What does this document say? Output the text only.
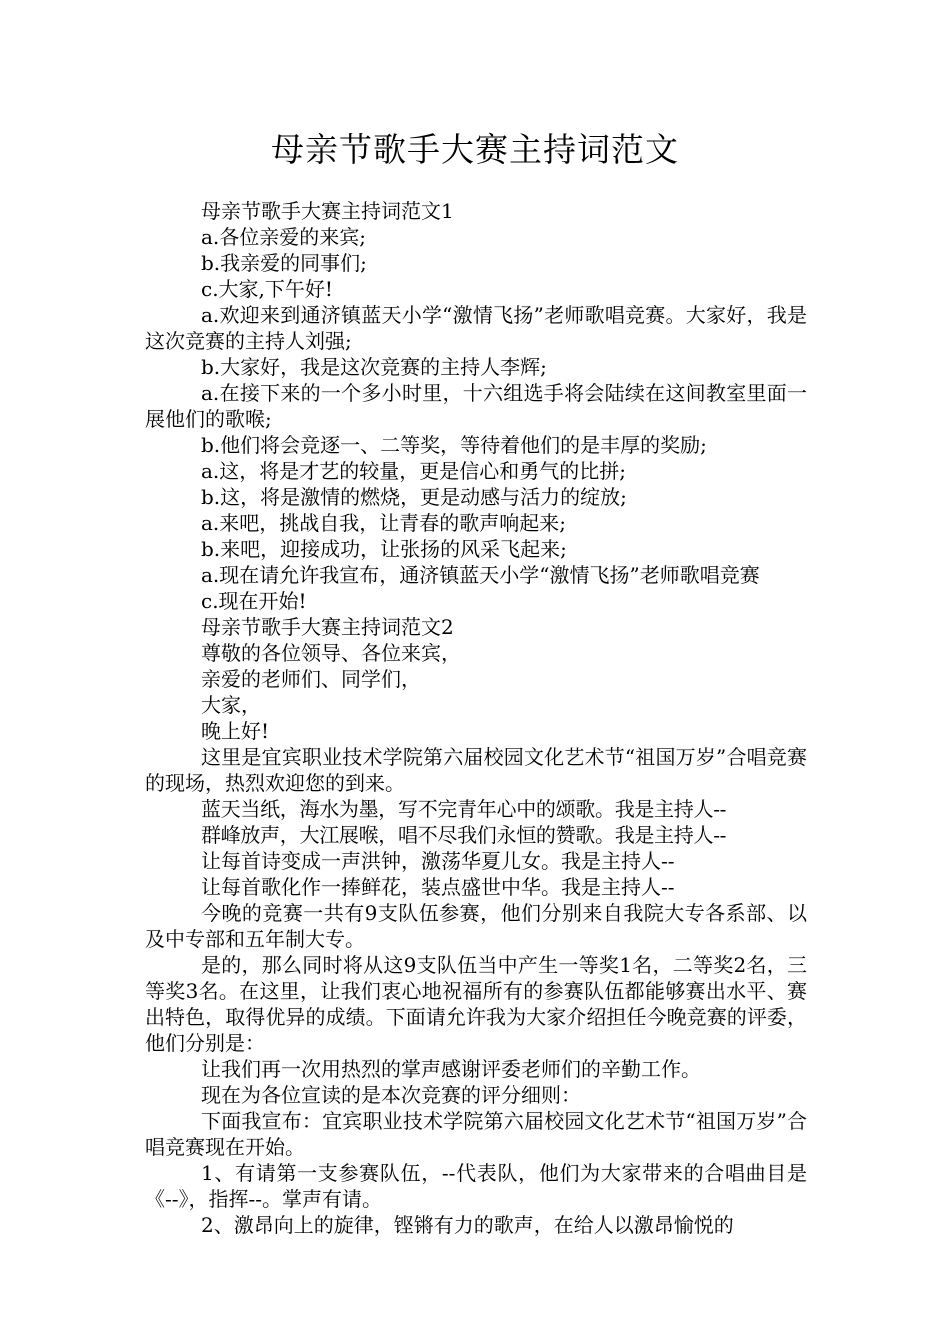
母亲节歌手大赛主持词范文

母亲节歌手大赛主持词范文1

a.各位亲爱的来宾;

b.我亲爱的同事们;

c.大家,下午好!

a.欢迎来到通济镇蓝天小学“激情飞扬”老师歌唱竞赛。大家好，我是这次竞赛的主持人刘强;

b.大家好，我是这次竞赛的主持人李辉;

a.在接下来的一个多小时里，十六组选手将会陆续在这间教室里面一展他们的歌喉;

b.他们将会竞逐一、二等奖，等待着他们的是丰厚的奖励;

a.这，将是才艺的较量，更是信心和勇气的比拼;

b.这，将是激情的燃烧，更是动感与活力的绽放;

a.来吧，挑战自我，让青春的歌声响起来;

b.来吧，迎接成功，让张扬的风采飞起来;

a.现在请允许我宣布，通济镇蓝天小学“激情飞扬”老师歌唱竞赛

c.现在开始!

母亲节歌手大赛主持词范文2

尊敬的各位领导、各位来宾，

亲爱的老师们、同学们，

大家，

晚上好!

这里是宜宾职业技术学院第六届校园文化艺术节“祖国万岁”合唱竞赛的现场，热烈欢迎您的到来。

蓝天当纸，海水为墨，写不完青年心中的颂歌。我是主持人--

群峰放声，大江展喉，唱不尽我们永恒的赞歌。我是主持人--

让每首诗变成一声洪钟，激荡华夏儿女。我是主持人--

让每首歌化作一捧鲜花，装点盛世中华。我是主持人--

今晚的竞赛一共有9支队伍参赛，他们分别来自我院大专各系部、以及中专部和五年制大专。

是的，那么同时将从这9支队伍当中产生一等奖1名，二等奖2名，三等奖3名。在这里，让我们衷心地祝福所有的参赛队伍都能够赛出水平、赛出特色，取得优异的成绩。下面请允许我为大家介绍担任今晚竞赛的评委，他们分别是：

让我们再一次用热烈的掌声感谢评委老师们的辛勤工作。

现在为各位宣读的是本次竞赛的评分细则：

下面我宣布：宜宾职业技术学院第六届校园文化艺术节“祖国万岁”合唱竞赛现在开始。

1、有请第一支参赛队伍，--代表队，他们为大家带来的合唱曲目是《--》，指挥--。掌声有请。

2、激昂向上的旋律，铿锵有力的歌声，在给人以激昂愉悦的
